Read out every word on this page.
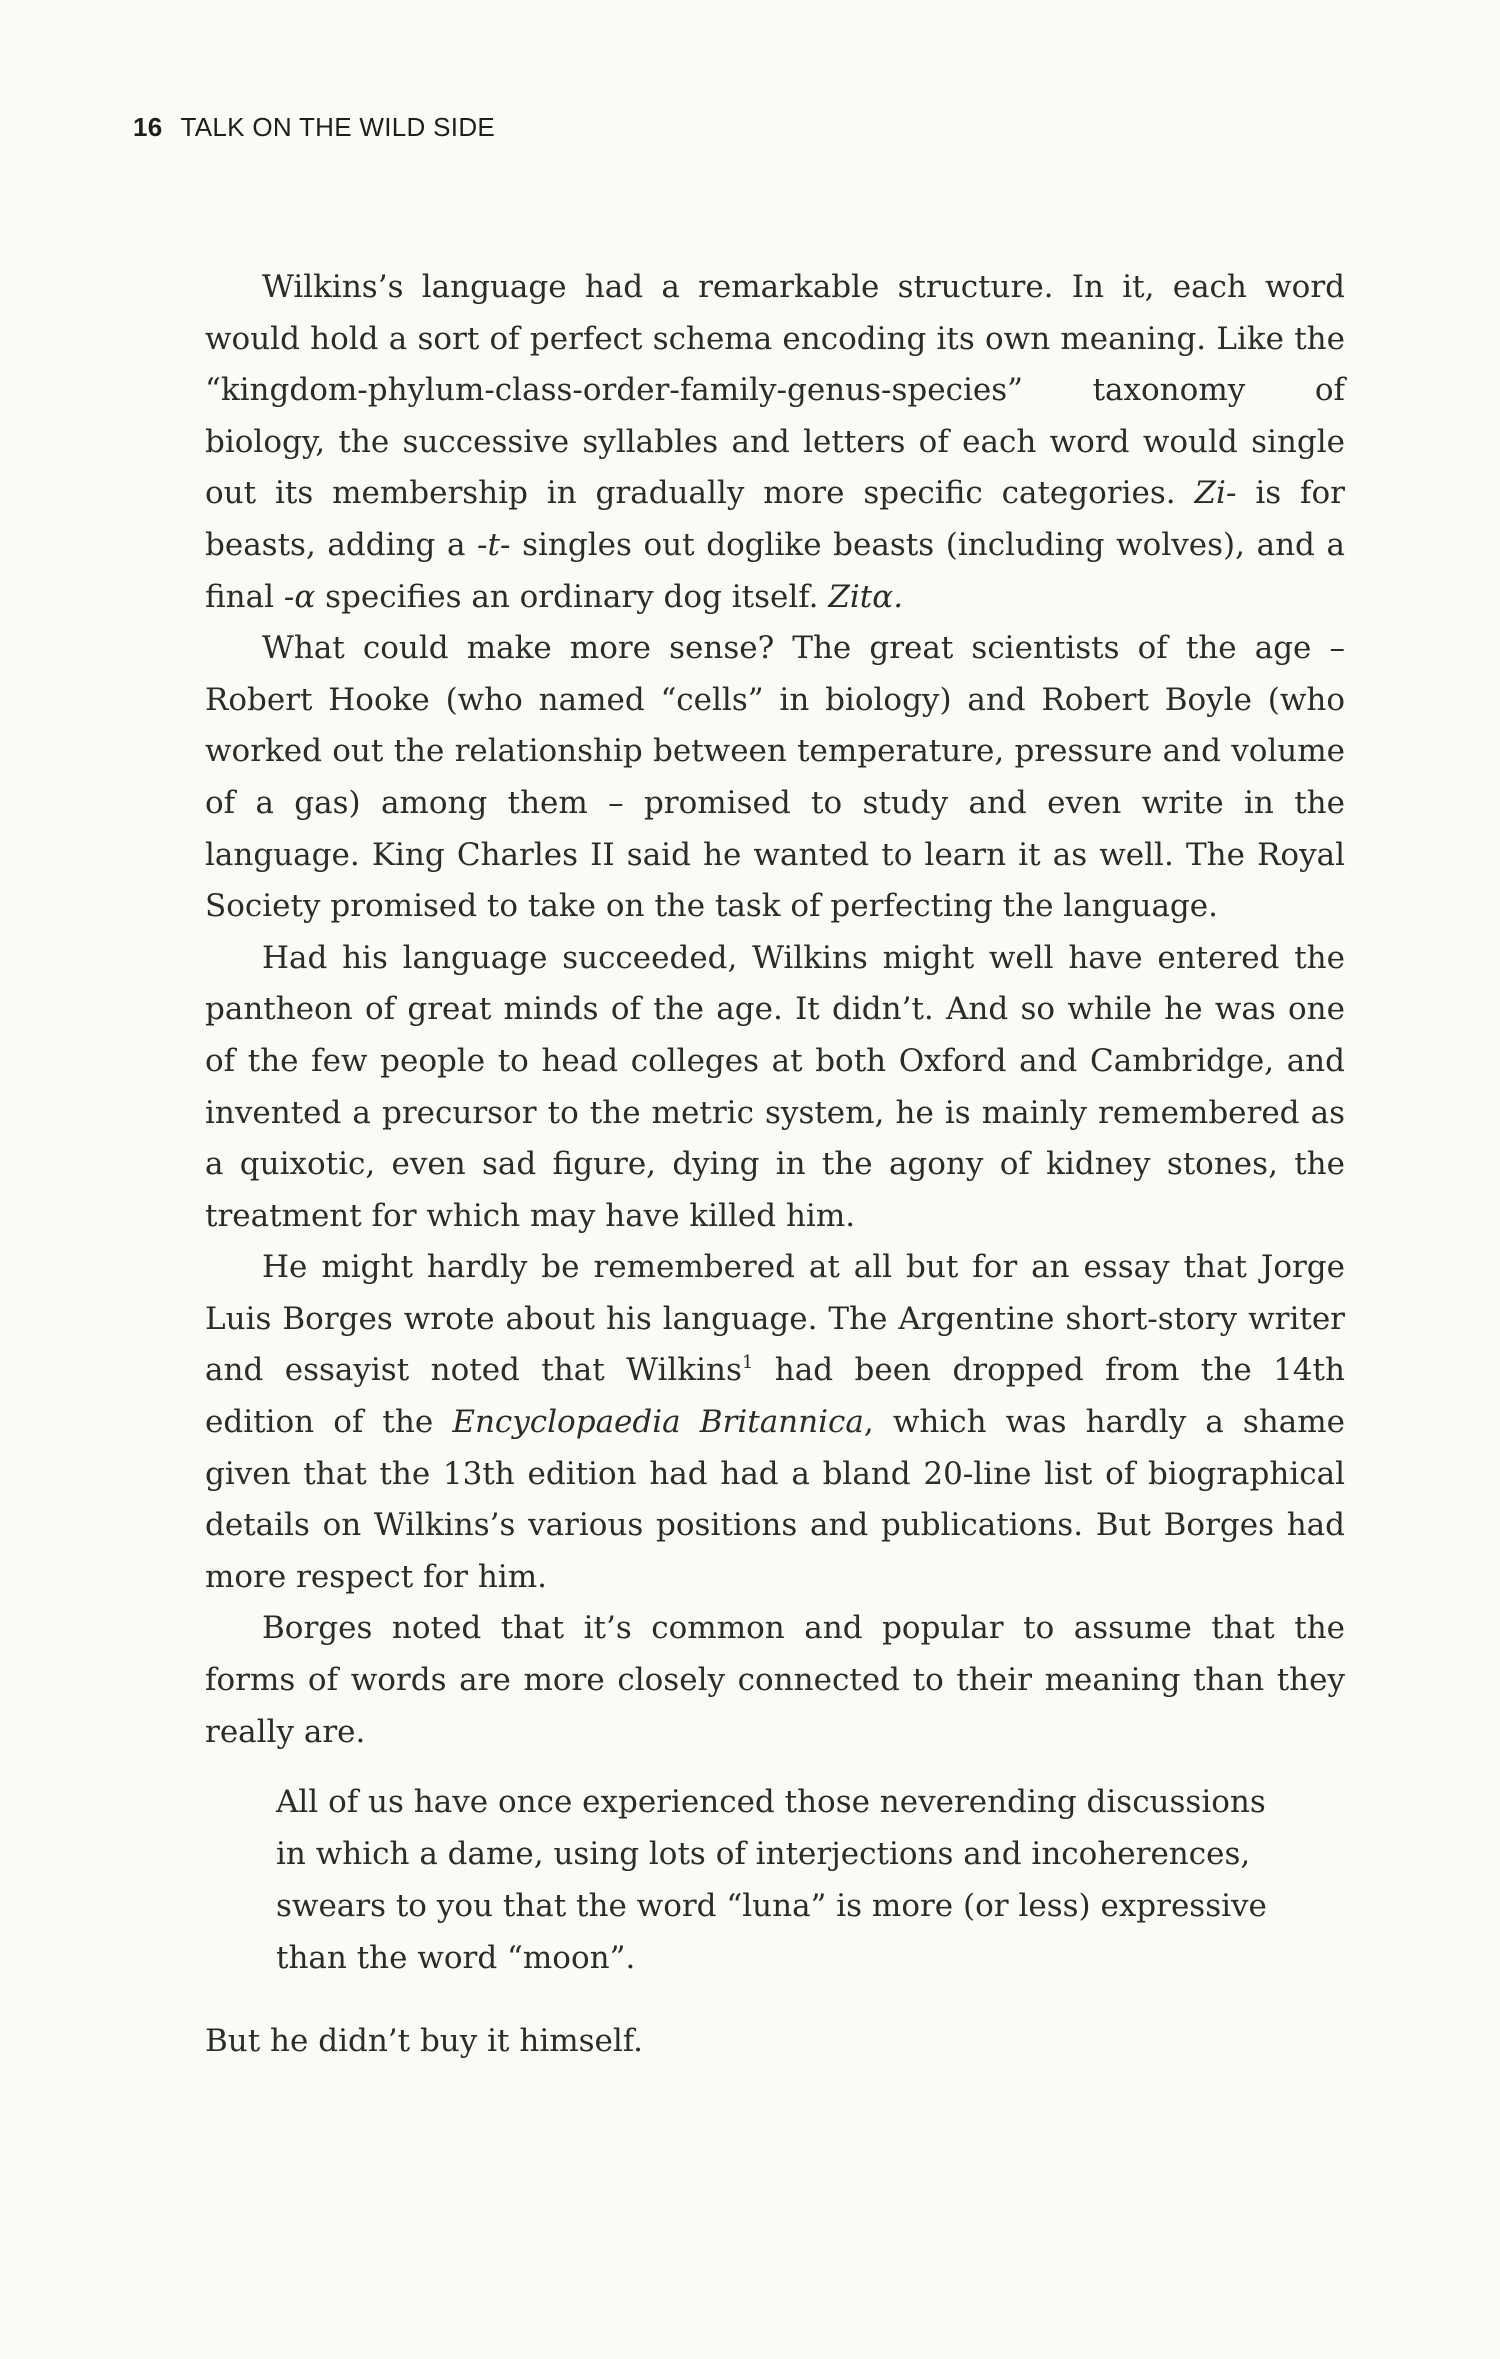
16 TALK ON THE WILD SIDE

Wilkins’s language had a remarkable structure. In it, each word would hold a sort of perfect schema encoding its own meaning. Like the “kingdom-phylum-class-order-family-genus-species” taxonomy of biology, the successive syllables and letters of each word would single out its membership in gradually more specific categories. Zi- is for beasts, adding a -t- singles out doglike beasts (including wolves), and a final -α specifies an ordinary dog itself. Zitα.

What could make more sense? The great scientists of the age – Robert Hooke (who named “cells” in biology) and Robert Boyle (who worked out the relationship between temperature, pressure and volume of a gas) among them – promised to study and even write in the language. King Charles II said he wanted to learn it as well. The Royal Society promised to take on the task of perfecting the language.

Had his language succeeded, Wilkins might well have entered the pantheon of great minds of the age. It didn’t. And so while he was one of the few people to head colleges at both Oxford and Cambridge, and invented a precursor to the metric system, he is mainly remembered as a quixotic, even sad figure, dying in the agony of kidney stones, the treatment for which may have killed him.

He might hardly be remembered at all but for an essay that Jorge Luis Borges wrote about his language. The Argentine short-story writer and essayist noted that Wilkins$^1$ had been dropped from the 14th edition of the Encyclopaedia Britannica, which was hardly a shame given that the 13th edition had had a bland 20-line list of biographical details on Wilkins’s various positions and publications. But Borges had more respect for him.

Borges noted that it’s common and popular to assume that the forms of words are more closely connected to their meaning than they really are.

All of us have once experienced those neverending discussions in which a dame, using lots of interjections and incoherences, swears to you that the word “luna” is more (or less) expressive than the word “moon”.

But he didn’t buy it himself.
